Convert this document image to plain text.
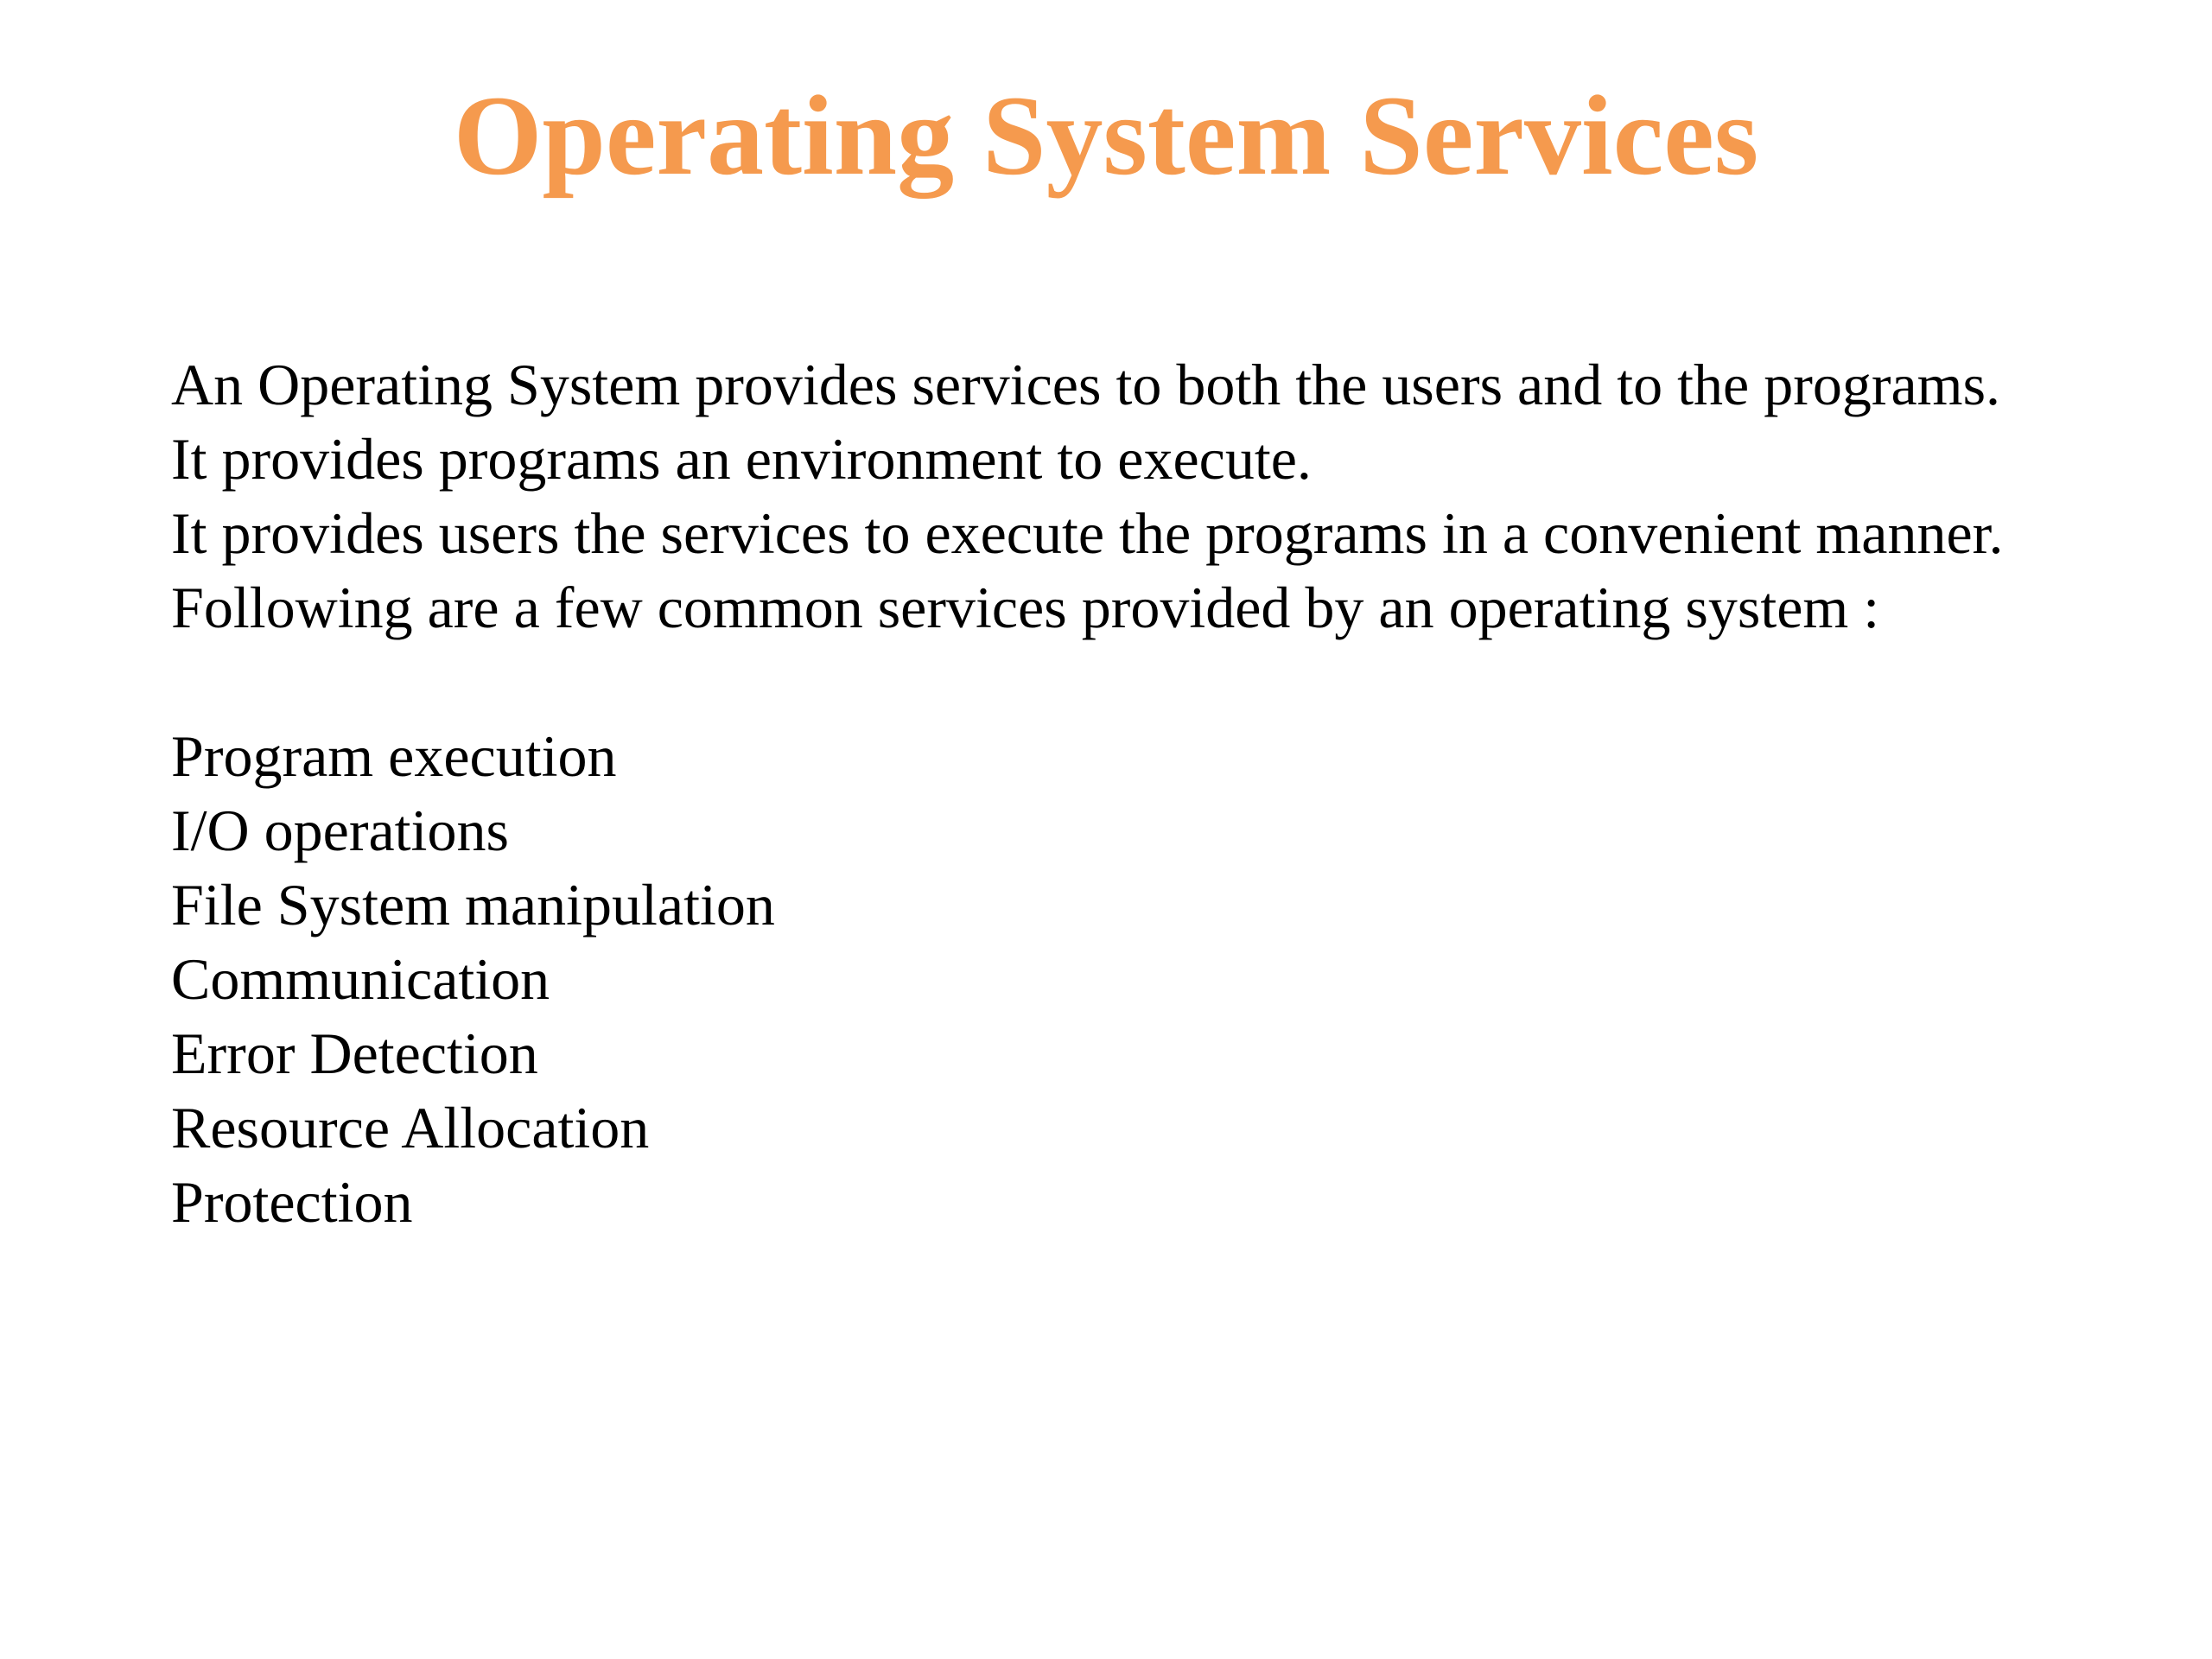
Operating System Services
An Operating System provides services to both the users and to the programs.
It provides programs an environment to execute.
It provides users the services to execute the programs in a convenient manner.
Following are a few common services provided by an operating system :
Program execution
I/O operations
File System manipulation
Communication
Error Detection
Resource Allocation
Protection
